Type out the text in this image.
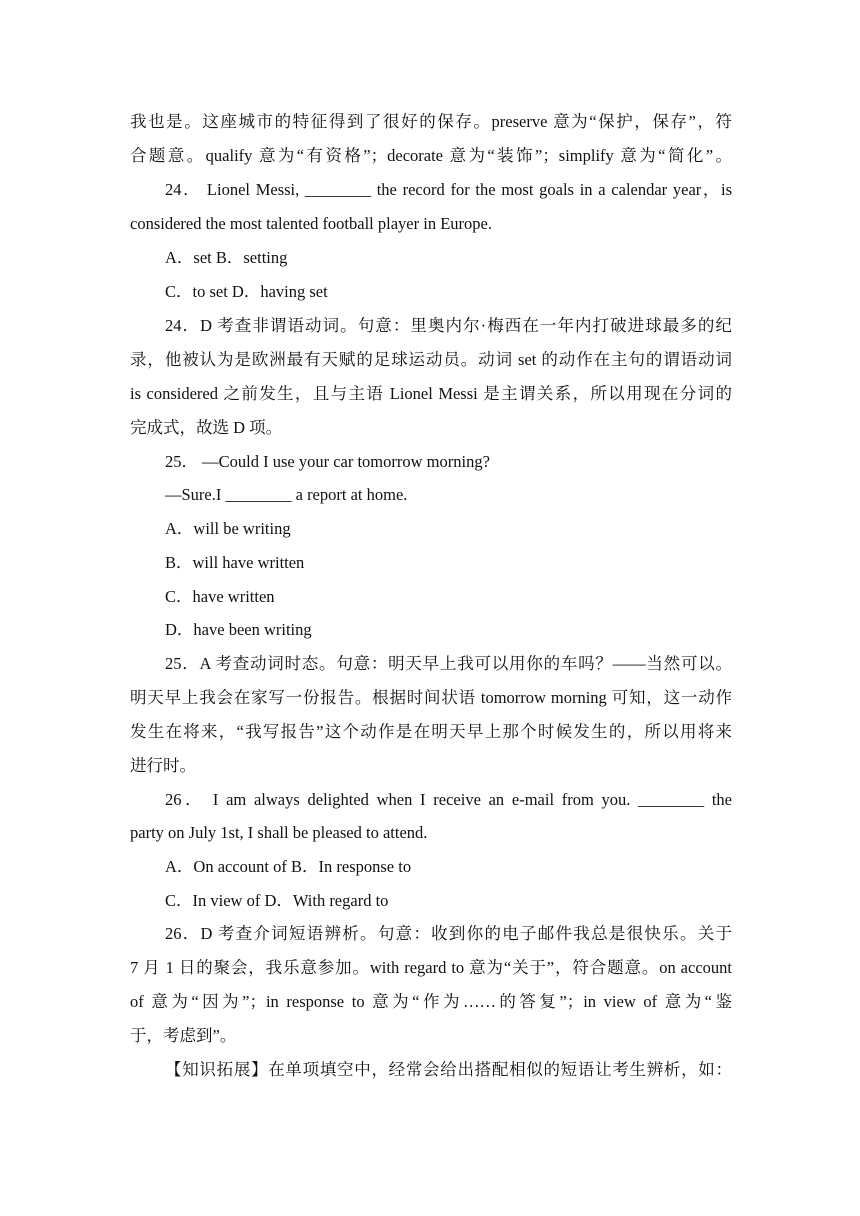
我也是。这座城市的特征得到了很好的保存。preserve 意为“保护，保存”，符
合题意。qualify 意为“有资格”；decorate 意为“装饰”；simplify 意为“简化”。
24． Lionel Messi, ________ the record for the most goals in a calendar year，is
considered the most talented football player in Europe.
A．set B．setting
C．to set D．having set
24．D 考查非谓语动词。句意：里奥内尔·梅西在一年内打破进球最多的纪
录，他被认为是欧洲最有天赋的足球运动员。动词 set 的动作在主句的谓语动词
is considered 之前发生，且与主语 Lionel Messi 是主谓关系，所以用现在分词的
完成式，故选 D 项。
25． —Could I use your car tomorrow morning?
—Sure.I ________ a report at home.
A．will be writing
B．will have written
C．have written
D．have been writing
25．A 考查动词时态。句意：明天早上我可以用你的车吗？——当然可以。
明天早上我会在家写一份报告。根据时间状语 tomorrow morning 可知，这一动作
发生在将来，“我写报告”这个动作是在明天早上那个时候发生的，所以用将来
进行时。
26． I am always delighted when I receive an e-mail from you. ________ the
party on July 1st, I shall be pleased to attend.
A．On account of B．In response to
C．In view of D．With regard to
26．D 考查介词短语辨析。句意：收到你的电子邮件我总是很快乐。关于
7 月 1 日的聚会，我乐意参加。with regard to 意为“关于”，符合题意。on account
of 意为“因为”；in response to 意为“作为……的答复”；in view of 意为“鉴
于，考虑到”。
【知识拓展】在单项填空中，经常会给出搭配相似的短语让考生辨析，如：
